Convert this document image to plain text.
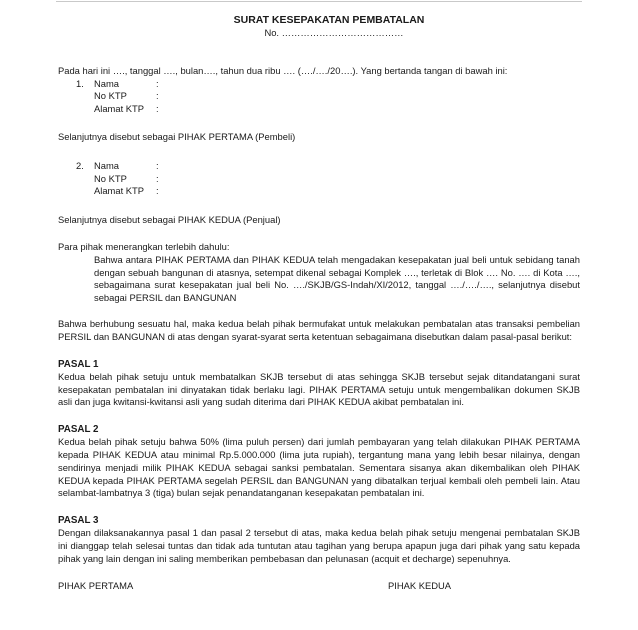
SURAT KESEPAKATAN PEMBATALAN
No. …………………………………

Pada hari ini …., tanggal …., bulan…., tahun dua ribu …. (…./…./20….). Yang bertanda tangan di bawah ini:

1. Nama	:
No KTP	:
Alamat KTP	:

Selanjutnya disebut sebagai PIHAK PERTAMA (Pembeli)

2. Nama	:
No KTP	:
Alamat KTP	:

Selanjutnya disebut sebagai PIHAK KEDUA (Penjual)

Para pihak menerangkan terlebih dahulu:

Bahwa antara PIHAK PERTAMA dan PIHAK KEDUA telah mengadakan kesepakatan jual beli untuk sebidang tanah dengan sebuah bangunan di atasnya, setempat dikenal sebagai Komplek …., terletak di Blok …. No. …. di Kota …., sebagaimana surat kesepakatan jual beli No. …./SKJB/GS-Indah/XI/2012, tanggal …./…./…., selanjutnya disebut sebagai PERSIL dan BANGUNAN

Bahwa berhubung sesuatu hal, maka kedua belah pihak bermufakat untuk melakukan pembatalan atas transaksi pembelian PERSIL dan BANGUNAN di atas dengan syarat-syarat serta ketentuan sebagaimana disebutkan dalam pasal-pasal berikut:

PASAL 1

Kedua belah pihak setuju untuk membatalkan SKJB tersebut di atas sehingga SKJB tersebut sejak ditandatangani surat kesepakatan pembatalan ini dinyatakan tidak berlaku lagi. PIHAK PERTAMA setuju untuk mengembalikan dokumen SKJB asli dan juga kwitansi-kwitansi asli yang sudah diterima dari PIHAK KEDUA akibat pembatalan ini.

PASAL 2

Kedua belah pihak setuju bahwa 50% (lima puluh persen) dari jumlah pembayaran yang telah dilakukan PIHAK PERTAMA kepada PIHAK KEDUA atau minimal Rp.5.000.000 (lima juta rupiah), tergantung mana yang lebih besar nilainya, dengan sendirinya menjadi milik PIHAK KEDUA sebagai sanksi pembatalan. Sementara sisanya akan dikembalikan oleh PIHAK KEDUA kepada PIHAK PERTAMA segelah PERSIL dan BANGUNAN yang dibatalkan terjual kembali oleh pembeli lain. Atau selambat-lambatnya 3 (tiga) bulan sejak penandatanganan kesepakatan pembatalan ini.

PASAL 3

Dengan dilaksanakannya pasal 1 dan pasal 2 tersebut di atas, maka kedua belah pihak setuju mengenai pembatalan SKJB ini dianggap telah selesai tuntas dan tidak ada tuntutan atau tagihan yang berupa apapun juga dari pihak yang satu kepada pihak yang lain dengan ini saling memberikan pembebasan dan pelunasan (acquit et decharge) sepenuhnya.

PIHAK PERTAMA	PIHAK KEDUA
